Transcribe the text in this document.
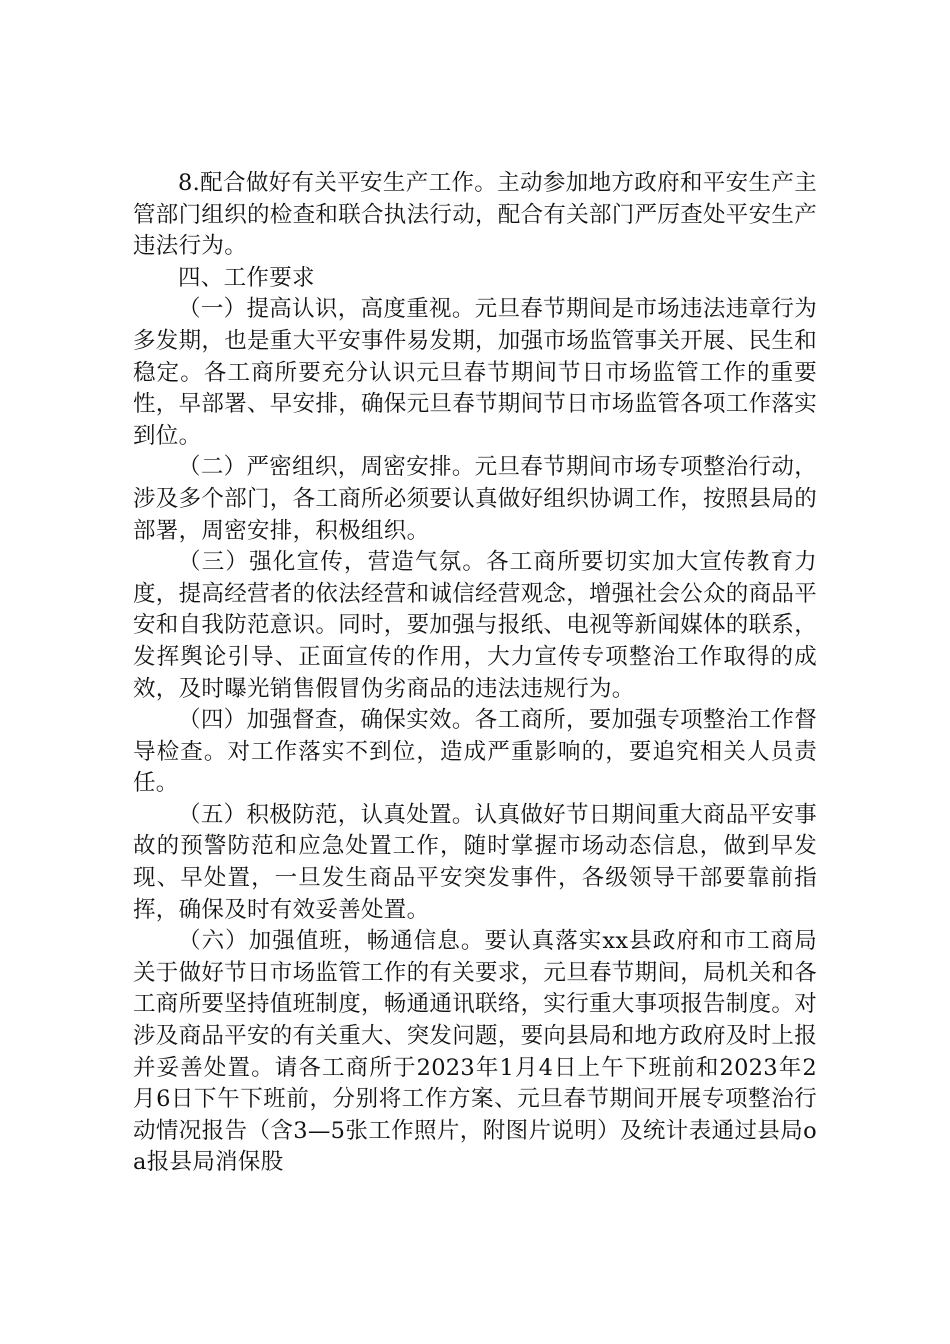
8.配合做好有关平安生产工作。主动参加地方政府和平安生产主管部门组织的检查和联合执法行动，配合有关部门严厉查处平安生产违法行为。

四、工作要求

（一）提高认识，高度重视。元旦春节期间是市场违法违章行为多发期，也是重大平安事件易发期，加强市场监管事关开展、民生和稳定。各工商所要充分认识元旦春节期间节日市场监管工作的重要性，早部署、早安排，确保元旦春节期间节日市场监管各项工作落实到位。

（二）严密组织，周密安排。元旦春节期间市场专项整治行动，涉及多个部门，各工商所必须要认真做好组织协调工作，按照县局的部署，周密安排，积极组织。

（三）强化宣传，营造气氛。各工商所要切实加大宣传教育力度，提高经营者的依法经营和诚信经营观念，增强社会公众的商品平安和自我防范意识。同时，要加强与报纸、电视等新闻媒体的联系，发挥舆论引导、正面宣传的作用，大力宣传专项整治工作取得的成效，及时曝光销售假冒伪劣商品的违法违规行为。

（四）加强督查，确保实效。各工商所，要加强专项整治工作督导检查。对工作落实不到位，造成严重影响的，要追究相关人员责任。

（五）积极防范，认真处置。认真做好节日期间重大商品平安事故的预警防范和应急处置工作，随时掌握市场动态信息，做到早发现、早处置，一旦发生商品平安突发事件，各级领导干部要靠前指挥，确保及时有效妥善处置。

（六）加强值班，畅通信息。要认真落实xx县政府和市工商局关于做好节日市场监管工作的有关要求，元旦春节期间，局机关和各工商所要坚持值班制度，畅通通讯联络，实行重大事项报告制度。对涉及商品平安的有关重大、突发问题，要向县局和地方政府及时上报并妥善处置。请各工商所于2023年1月4日上午下班前和2023年2月6日下午下班前，分别将工作方案、元旦春节期间开展专项整治行动情况报告（含3—5张工作照片，附图片说明）及统计表通过县局oa报县局消保股
